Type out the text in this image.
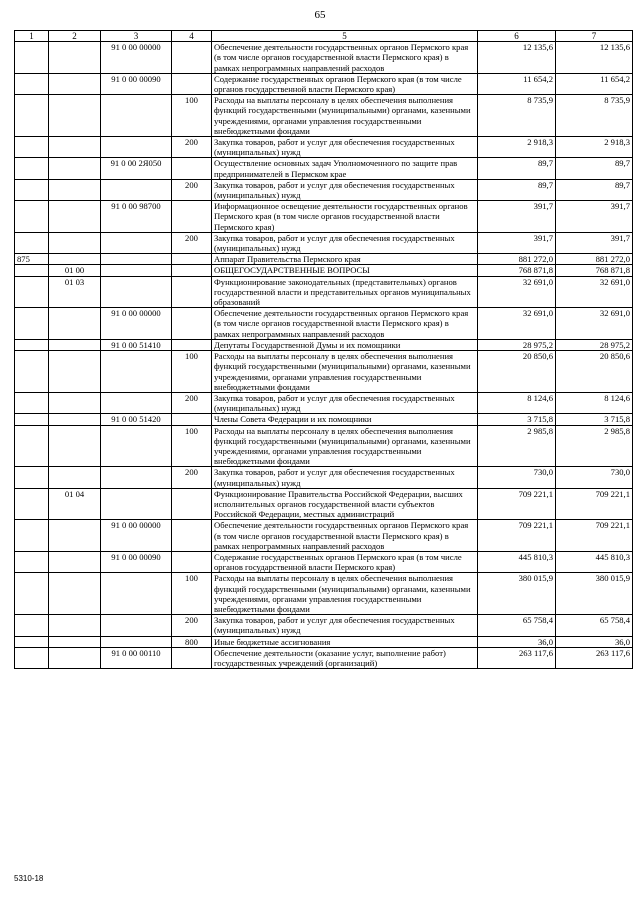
65
1	2	3	4	5	6	7
		91 0 00 00000		Обеспечение деятельности государственных органов Пермского края (в том числе органов государственной власти Пермского края) в рамках непрограммных направлений расходов	12 135,6	12 135,6
		91 0 00 00090		Содержание государственных органов Пермского края (в том числе органов государственной власти Пермского края)	11 654,2	11 654,2
			100	Расходы на выплаты персоналу в целях обеспечения выполнения функций государственными (муниципальными) органами, казенными учреждениями, органами управления государственными внебюджетными фондами	8 735,9	8 735,9
			200	Закупка товаров, работ и услуг для обеспечения государственных (муниципальных) нужд	2 918,3	2 918,3
		91 0 00 2Я050		Осуществление основных задач Уполномоченного по защите прав предпринимателей в Пермском крае	89,7	89,7
			200	Закупка товаров, работ и услуг для обеспечения государственных (муниципальных) нужд	89,7	89,7
		91 0 00 98700		Информационное освещение деятельности государственных органов Пермского края (в том числе органов государственной власти Пермского края)	391,7	391,7
			200	Закупка товаров, работ и услуг для обеспечения государственных (муниципальных) нужд	391,7	391,7
875				Аппарат Правительства Пермского края	881 272,0	881 272,0
	01 00			ОБЩЕГОСУДАРСТВЕННЫЕ ВОПРОСЫ	768 871,8	768 871,8
	01 03			Функционирование законодательных (представительных) органов государственной власти и представительных органов муниципальных образований	32 691,0	32 691,0
		91 0 00 00000		Обеспечение деятельности государственных органов Пермского края (в том числе органов государственной власти Пермского края) в рамках непрограммных направлений расходов	32 691,0	32 691,0
		91 0 00 51410		Депутаты Государственной Думы и их помощники	28 975,2	28 975,2
			100	Расходы на выплаты персоналу в целях обеспечения выполнения функций государственными (муниципальными) органами, казенными учреждениями, органами управления государственными внебюджетными фондами	20 850,6	20 850,6
			200	Закупка товаров, работ и услуг для обеспечения государственных (муниципальных) нужд	8 124,6	8 124,6
		91 0 00 51420		Члены Совета Федерации и их помощники	3 715,8	3 715,8
			100	Расходы на выплаты персоналу в целях обеспечения выполнения функций государственными (муниципальными) органами, казенными учреждениями, органами управления государственными внебюджетными фондами	2 985,8	2 985,8
			200	Закупка товаров, работ и услуг для обеспечения государственных (муниципальных) нужд	730,0	730,0
	01 04			Функционирование Правительства Российской Федерации, высших исполнительных органов государственной власти субъектов Российской Федерации, местных администраций	709 221,1	709 221,1
		91 0 00 00000		Обеспечение деятельности государственных органов Пермского края (в том числе органов государственной власти Пермского края) в рамках непрограммных направлений расходов	709 221,1	709 221,1
		91 0 00 00090		Содержание государственных органов Пермского края (в том числе органов государственной власти Пермского края)	445 810,3	445 810,3
			100	Расходы на выплаты персоналу в целях обеспечения выполнения функций государственными (муниципальными) органами, казенными учреждениями, органами управления государственными внебюджетными фондами	380 015,9	380 015,9
			200	Закупка товаров, работ и услуг для обеспечения государственных (муниципальных) нужд	65 758,4	65 758,4
			800	Иные бюджетные ассигнования	36,0	36,0
		91 0 00 00110		Обеспечение деятельности (оказание услуг, выполнение работ) государственных учреждений (организаций)	263 117,6	263 117,6
5310-18
